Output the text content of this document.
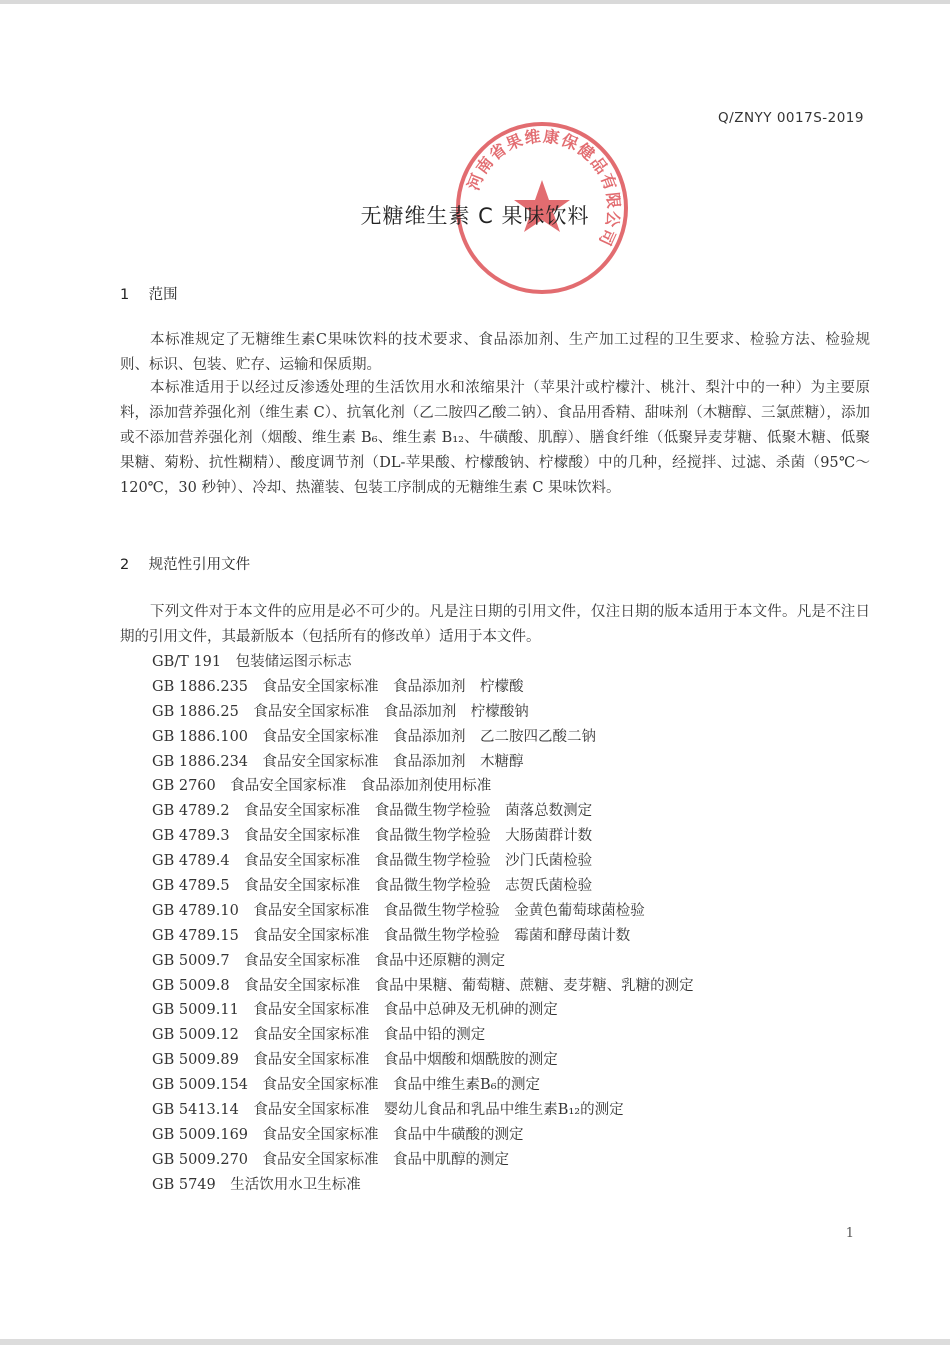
Q/ZNYY 0017S-2019
河南省果维康保健品有限公司
无糖维生素 C 果味饮料
1 范围
本标准规定了无糖维生素C果味饮料的技术要求、食品添加剂、生产加工过程的卫生要求、检验方法、检验规则、标识、包装、贮存、运输和保质期。
本标准适用于以经过反渗透处理的生活饮用水和浓缩果汁（苹果汁或柠檬汁、桃汁、梨汁中的一种）为主要原料，添加营养强化剂（维生素 C）、抗氧化剂（乙二胺四乙酸二钠）、食品用香精、甜味剂（木糖醇、三氯蔗糖），添加或不添加营养强化剂（烟酸、维生素 B₆、维生素 B₁₂、牛磺酸、肌醇）、膳食纤维（低聚异麦芽糖、低聚木糖、低聚果糖、菊粉、抗性糊精）、酸度调节剂（DL-苹果酸、柠檬酸钠、柠檬酸）中的几种，经搅拌、过滤、杀菌（95℃～120℃，30 秒钟）、冷却、热灌装、包装工序制成的无糖维生素 C 果味饮料。
2 规范性引用文件
下列文件对于本文件的应用是必不可少的。凡是注日期的引用文件，仅注日期的版本适用于本文件。凡是不注日期的引用文件，其最新版本（包括所有的修改单）适用于本文件。
GB/T 191　 包装储运图示标志
GB 1886.235　 食品安全国家标准　食品添加剂　柠檬酸
GB 1886.25　 食品安全国家标准　食品添加剂　柠檬酸钠
GB 1886.100　 食品安全国家标准　食品添加剂　乙二胺四乙酸二钠
GB 1886.234　 食品安全国家标准　食品添加剂　木糖醇
GB 2760　 食品安全国家标准　食品添加剂使用标准
GB 4789.2　 食品安全国家标准　食品微生物学检验　菌落总数测定
GB 4789.3　 食品安全国家标准　食品微生物学检验　大肠菌群计数
GB 4789.4　 食品安全国家标准　食品微生物学检验　沙门氏菌检验
GB 4789.5　 食品安全国家标准　食品微生物学检验　志贺氏菌检验
GB 4789.10　 食品安全国家标准　食品微生物学检验　金黄色葡萄球菌检验
GB 4789.15　 食品安全国家标准　食品微生物学检验　霉菌和酵母菌计数
GB 5009.7　 食品安全国家标准　食品中还原糖的测定
GB 5009.8　 食品安全国家标准　食品中果糖、葡萄糖、蔗糖、麦芽糖、乳糖的测定
GB 5009.11　 食品安全国家标准　食品中总砷及无机砷的测定
GB 5009.12　 食品安全国家标准　食品中铅的测定
GB 5009.89　 食品安全国家标准　食品中烟酸和烟酰胺的测定
GB 5009.154　 食品安全国家标准　食品中维生素B₆的测定
GB 5413.14　 食品安全国家标准　婴幼儿食品和乳品中维生素B₁₂的测定
GB 5009.169　 食品安全国家标准　食品中牛磺酸的测定
GB 5009.270　 食品安全国家标准　食品中肌醇的测定
GB 5749　 生活饮用水卫生标准
1
